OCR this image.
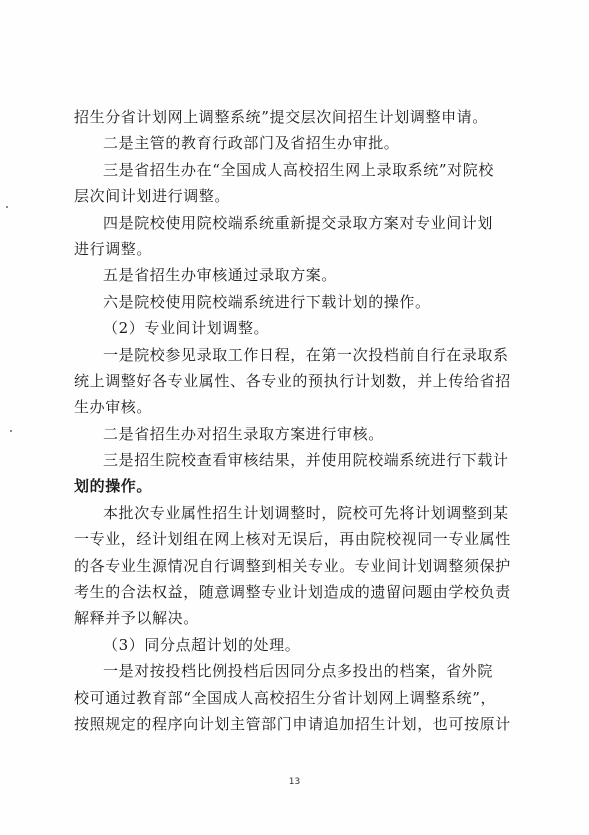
招生分省计划网上调整系统”提交层次间招生计划调整申请。
二是主管的教育行政部门及省招生办审批。
三是省招生办在“全国成人高校招生网上录取系统”对院校
层次间计划进行调整。
四是院校使用院校端系统重新提交录取方案对专业间计划
进行调整。
五是省招生办审核通过录取方案。
六是院校使用院校端系统进行下载计划的操作。
（2）专业间计划调整。
一是院校参见录取工作日程，在第一次投档前自行在录取系
统上调整好各专业属性、各专业的预执行计划数，并上传给省招
生办审核。
二是省招生办对招生录取方案进行审核。
三是招生院校查看审核结果，并使用院校端系统进行下载计
划的操作。
本批次专业属性招生计划调整时，院校可先将计划调整到某
一专业，经计划组在网上核对无误后，再由院校视同一专业属性
的各专业生源情况自行调整到相关专业。专业间计划调整须保护
考生的合法权益，随意调整专业计划造成的遗留问题由学校负责
解释并予以解决。
（3）同分点超计划的处理。
一是对按投档比例投档后因同分点多投出的档案，省外院
校可通过教育部“全国成人高校招生分省计划网上调整系统”，
按照规定的程序向计划主管部门申请追加招生计划，也可按原计
13
